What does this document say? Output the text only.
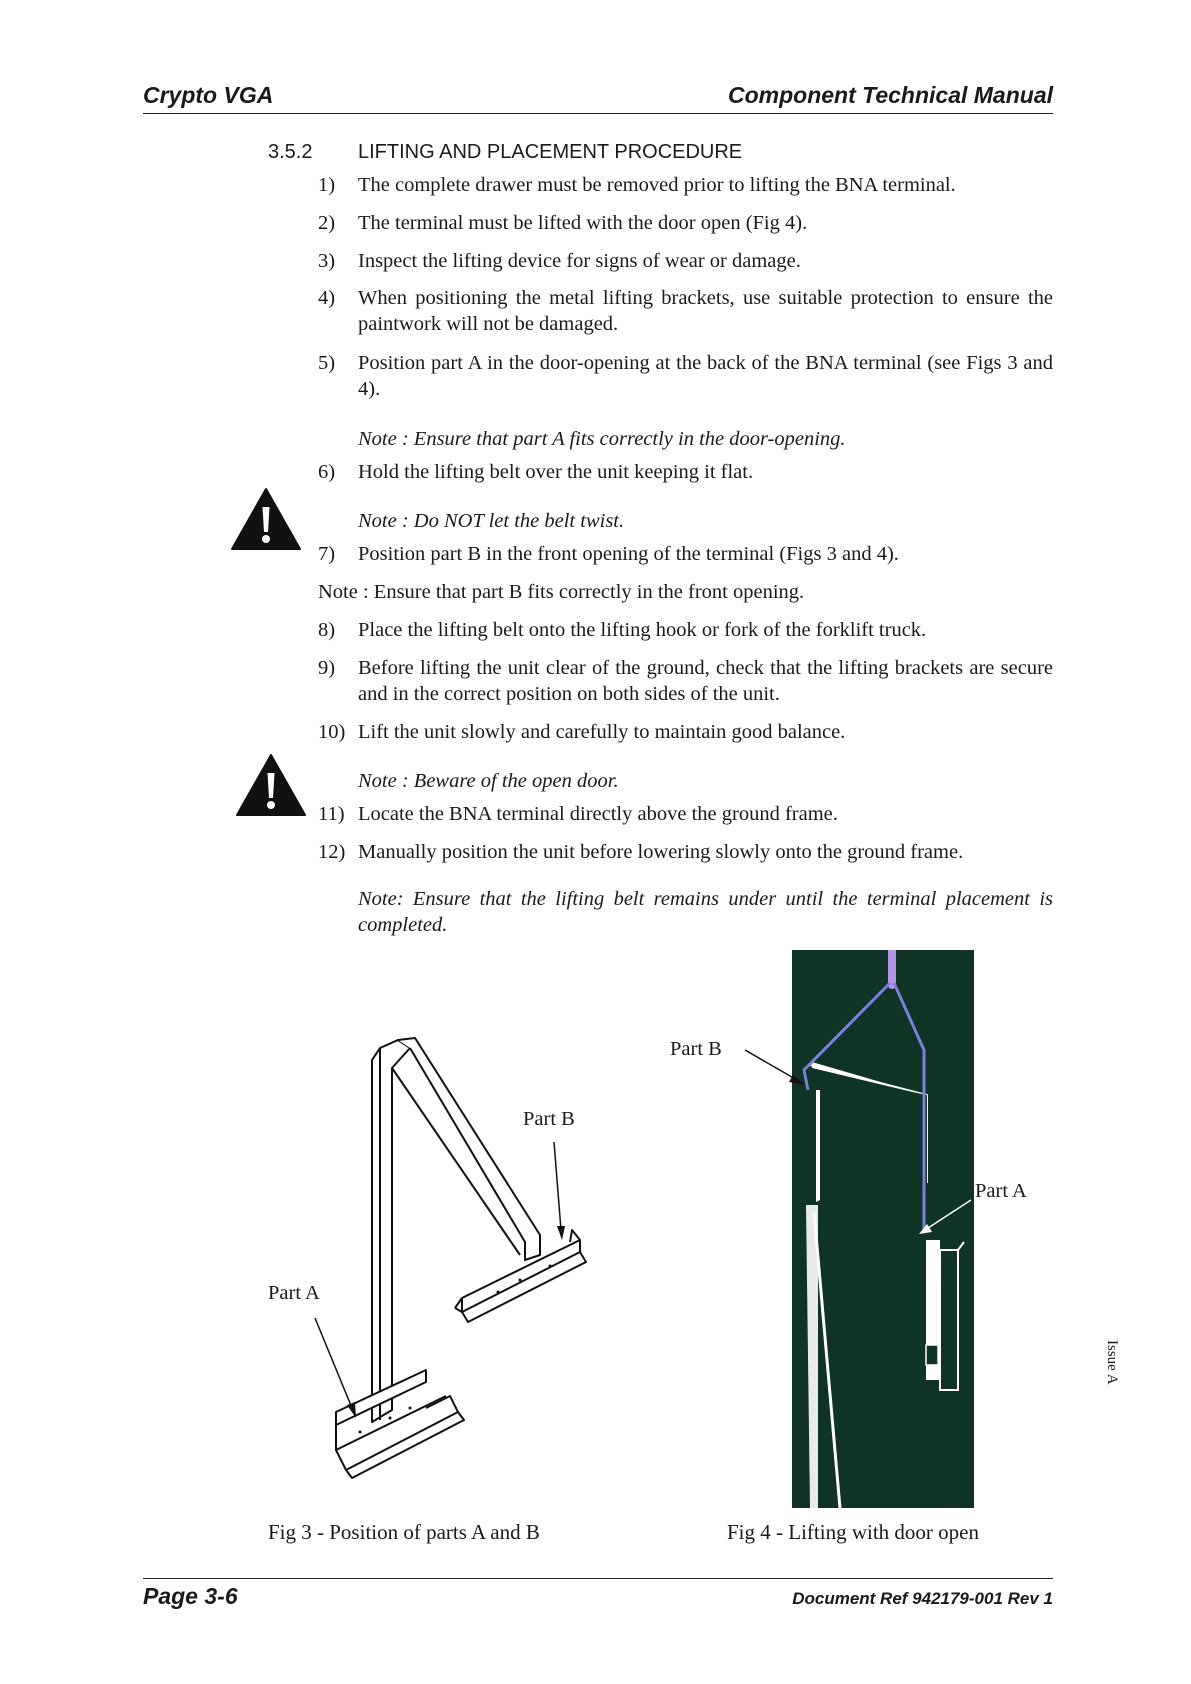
Crypto VGA	Component Technical Manual
3.5.2 LIFTING AND PLACEMENT PROCEDURE
1) The complete drawer must be removed prior to lifting the BNA terminal.
2) The terminal must be lifted with the door open (Fig 4).
3) Inspect the lifting device for signs of wear or damage.
4) When positioning the metal lifting brackets, use suitable protection to ensure the paintwork will not be damaged.
5) Position part A in the door-opening at the back of the BNA terminal (see Figs 3 and 4).
Note : Ensure that part A fits correctly in the door-opening.
6) Hold the lifting belt over the unit keeping it flat.
Note : Do NOT let the belt twist.
7) Position part B in the front opening of the terminal (Figs 3 and 4).
Note : Ensure that part B fits correctly in the front opening.
8) Place the lifting belt onto the lifting hook or fork of the forklift truck.
9) Before lifting the unit clear of the ground, check that the lifting brackets are secure and in the correct position on both sides of the unit.
10) Lift the unit slowly and carefully to maintain good balance.
Note : Beware of the open door.
11) Locate the BNA terminal directly above the ground frame.
12) Manually position the unit before lowering slowly onto the ground frame.
Note: Ensure that the lifting belt remains under until the terminal placement is completed.
Part B
Part A
Fig 3 - Position of parts A and B
Part B
Part A
Fig 4 - Lifting with door open
Issue A
Page 3-6	Document Ref 942179-001 Rev 1
